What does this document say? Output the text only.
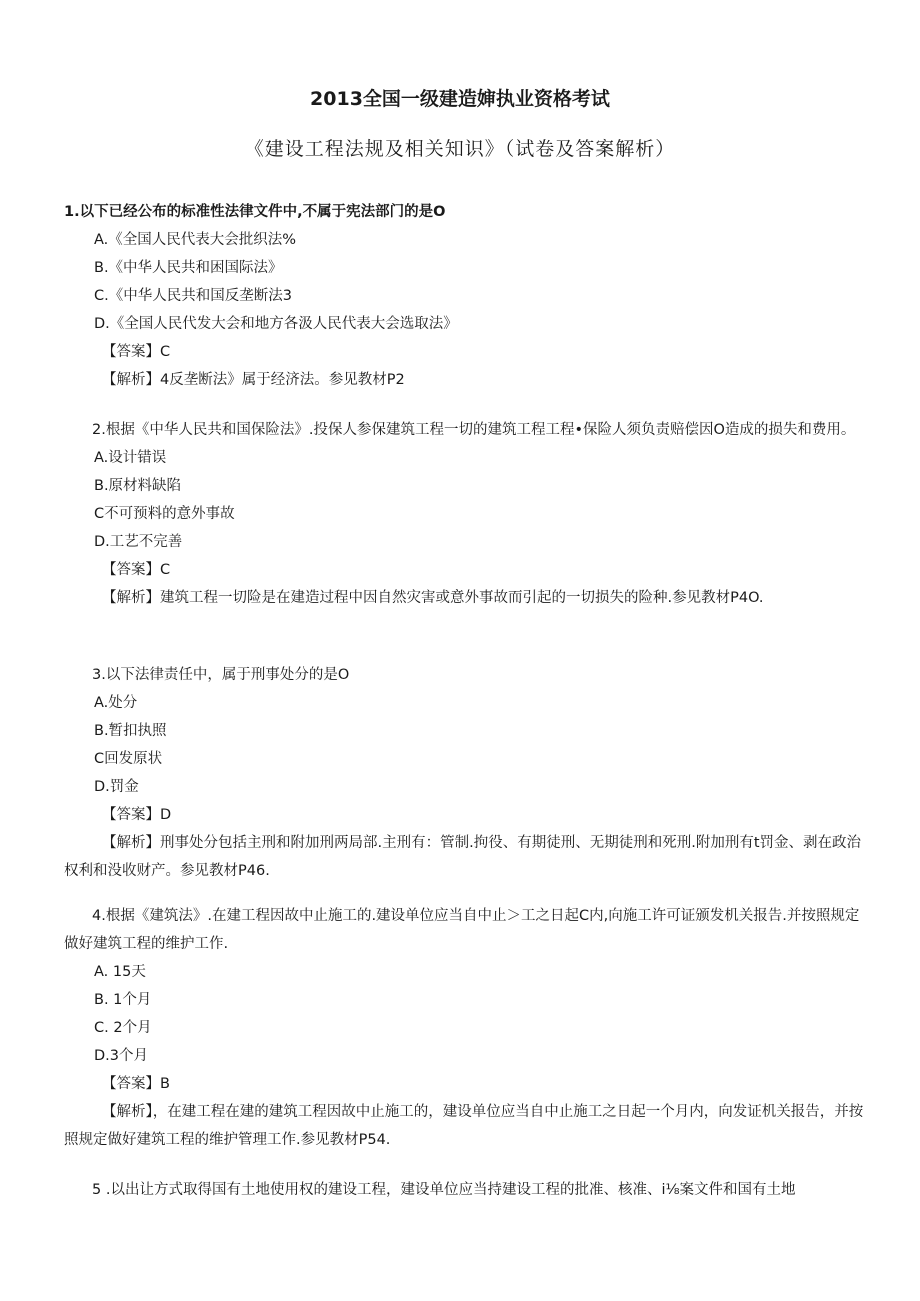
2013全国一级建造婶执业资格考试
《建设工程法规及相关知识》（试卷及答案解析）

1.以下已经公布的标准性法律文件中,不属于宪法部门的是O

A.《全国人民代表大会批织法%

B.《中华人民共和困国际法》

C.《中华人民共和国反垄断法3

D.《全国人民代发大会和地方各汲人民代表大会选取法》

【答案】C

【解析】4反垄断法》属于经济法。参见教材P2

2.根据《中华人民共和国保险法》.投保人参保建筑工程一切的建筑工程工程•保险人须负责赔偿因O造成的损失和费用。

A.设计错误

B.原材料缺陷

C不可预料的意外事故

D.工艺不完善

【答案】C

【解析】建筑工程一切险是在建造过程中因自然灾害或意外事故而引起的一切损失的险种.参见教材P4O.

3.以下法律责任中，属于刑事处分的是O

A.处分

B.暂扣执照

C回发原状

D.罚金

【答案】D

【解析】刑事处分包括主刑和附加刑两局部.主刑有：管制.拘役、有期徒刑、无期徒刑和死刑.附加刑有t罚金、剥在政治权利和没收财产。参见教材P46.

4.根据《建筑法》.在建工程因故中止施工的.建设单位应当自中止＞工之日起C内,向施工许可证颁发机关报告.并按照规定做好建筑工程的维护工作.

A. 15天

B. 1个月

C. 2个月

D.3个月

【答案】B

【解析】，在建工程在建的建筑工程因故中止施工的，建设单位应当自中止施工之日起一个月内，向发证机关报告，并按照规定做好建筑工程的维护管理工作.参见教材P54.

5 .以出让方式取得国有土地使用权的建设工程，建设单位应当持建设工程的批准、核准、i⅛案文件和国有土地
